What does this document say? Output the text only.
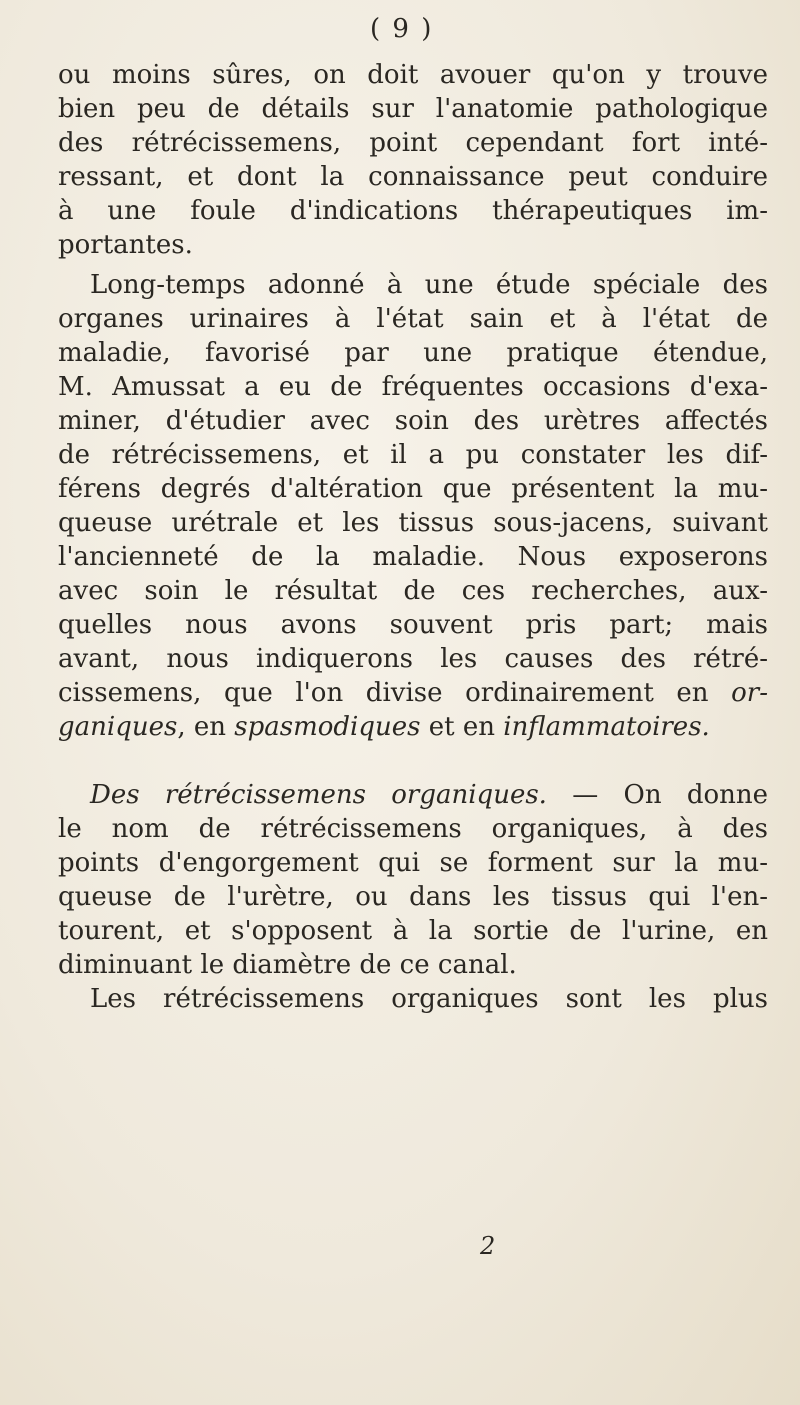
( 9 )
ou moins sûres, on doit avouer qu'on y trouve
bien peu de détails sur l'anatomie pathologique
des rétrécissemens, point cependant fort inté-
ressant, et dont la connaissance peut conduire
à une foule d'indications thérapeutiques im-
portantes.
Long-temps adonné à une étude spéciale des
organes urinaires à l'état sain et à l'état de
maladie, favorisé par une pratique étendue,
M. Amussat a eu de fréquentes occasions d'exa-
miner, d'étudier avec soin des urètres affectés
de rétrécissemens, et il a pu constater les dif-
férens degrés d'altération que présentent la mu-
queuse urétrale et les tissus sous-jacens, suivant
l'ancienneté de la maladie. Nous exposerons
avec soin le résultat de ces recherches, aux-
quelles nous avons souvent pris part; mais
avant, nous indiquerons les causes des rétré-
cissemens, que l'on divise ordinairement en or-
ganiques, en spasmodiques et en inflammatoires.
Des rétrécissemens organiques. — On donne
le nom de rétrécissemens organiques, à des
points d'engorgement qui se forment sur la mu-
queuse de l'urètre, ou dans les tissus qui l'en-
tourent, et s'opposent à la sortie de l'urine, en
diminuant le diamètre de ce canal.
Les rétrécissemens organiques sont les plus
2
